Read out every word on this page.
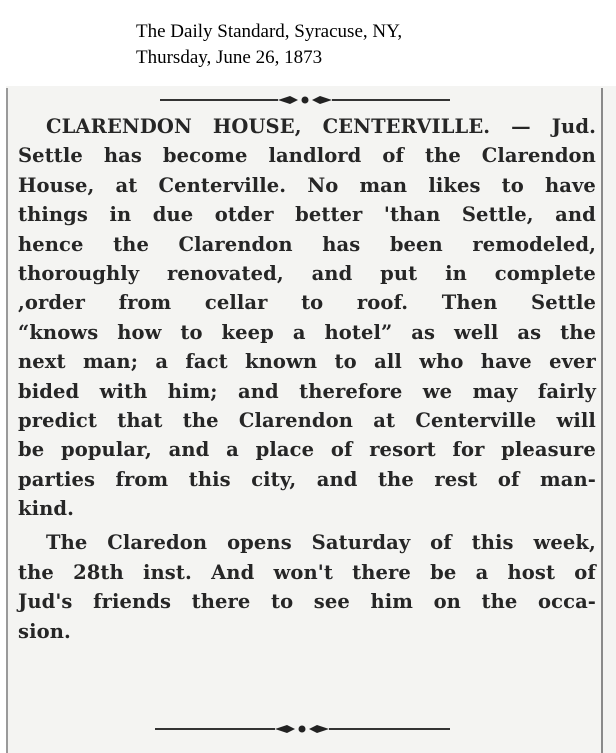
The Daily Standard, Syracuse, NY,
Thursday, June 26, 1873
CLARENDON HOUSE, CENTERVILLE. — Jud.
Settle has become landlord of the Clarendon
House, at Centerville. No man likes to have
things in due otder better 'than Settle, and
hence the Clarendon has been remodeled,
thoroughly renovated, and put in complete
,order from cellar to roof. Then Settle
“knows how to keep a hotel” as well as the
next man; a fact known to all who have ever
bided with him; and therefore we may fairly
predict that the Clarendon at Centerville will
be popular, and a place of resort for pleasure
parties from this city, and the rest of man-
kind.
The Claredon opens Saturday of this week,
the 28th inst. And won't there be a host of
Jud's friends there to see him on the occa-
sion.
